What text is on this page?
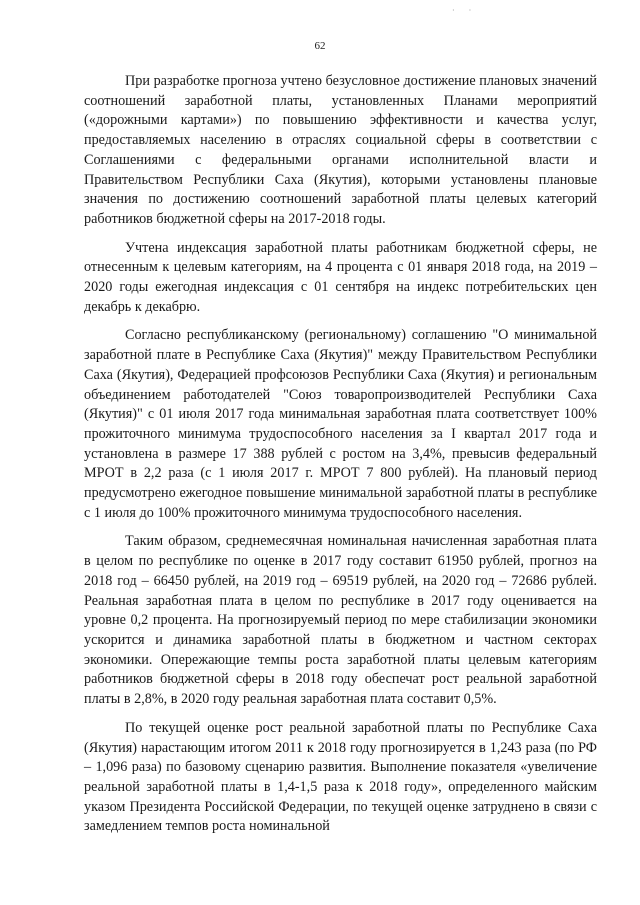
· ·
62

При разработке прогноза учтено безусловное достижение плановых значений соотношений заработной платы, установленных Планами мероприятий («дорожными картами») по повышению эффективности и качества услуг, предоставляемых населению в отраслях социальной сферы в соответствии с Соглашениями с федеральными органами исполнительной власти и Правительством Республики Саха (Якутия), которыми установлены плановые значения по достижению соотношений заработной платы целевых категорий работников бюджетной сферы на 2017-2018 годы.

Учтена индексация заработной платы работникам бюджетной сферы, не отнесенным к целевым категориям, на 4 процента с 01 января 2018 года, на 2019 – 2020 годы ежегодная индексация с 01 сентября на индекс потребительских цен декабрь к декабрю.

Согласно республиканскому (региональному) соглашению "О минимальной заработной плате в Республике Саха (Якутия)" между Правительством Республики Саха (Якутия), Федерацией профсоюзов Республики Саха (Якутия) и региональным объединением работодателей "Союз товаропроизводителей Республики Саха (Якутия)" с 01 июля 2017 года минимальная заработная плата соответствует 100% прожиточного минимума трудоспособного населения за I квартал 2017 года и установлена в размере 17 388 рублей с ростом на 3,4%, превысив федеральный МРОТ в 2,2 раза (с 1 июля 2017 г. МРОТ 7 800 рублей). На плановый период предусмотрено ежегодное повышение минимальной заработной платы в республике с 1 июля до 100% прожиточного минимума трудоспособного населения.

Таким образом, среднемесячная номинальная начисленная заработная плата в целом по республике по оценке в 2017 году составит 61950 рублей, прогноз на 2018 год – 66450 рублей, на 2019 год – 69519 рублей, на 2020 год – 72686 рублей. Реальная заработная плата в целом по республике в 2017 году оценивается на уровне 0,2 процента. На прогнозируемый период по мере стабилизации экономики ускорится и динамика заработной платы в бюджетном и частном секторах экономики. Опережающие темпы роста заработной платы целевым категориям работников бюджетной сферы в 2018 году обеспечат рост реальной заработной платы в 2,8%, в 2020 году реальная заработная плата составит 0,5%.

По текущей оценке рост реальной заработной платы по Республике Саха (Якутия) нарастающим итогом 2011 к 2018 году прогнозируется в 1,243 раза (по РФ – 1,096 раза) по базовому сценарию развития. Выполнение показателя «увеличение реальной заработной платы в 1,4-1,5 раза к 2018 году», определенного майским указом Президента Российской Федерации, по текущей оценке затруднено в связи с замедлением темпов роста номинальной
